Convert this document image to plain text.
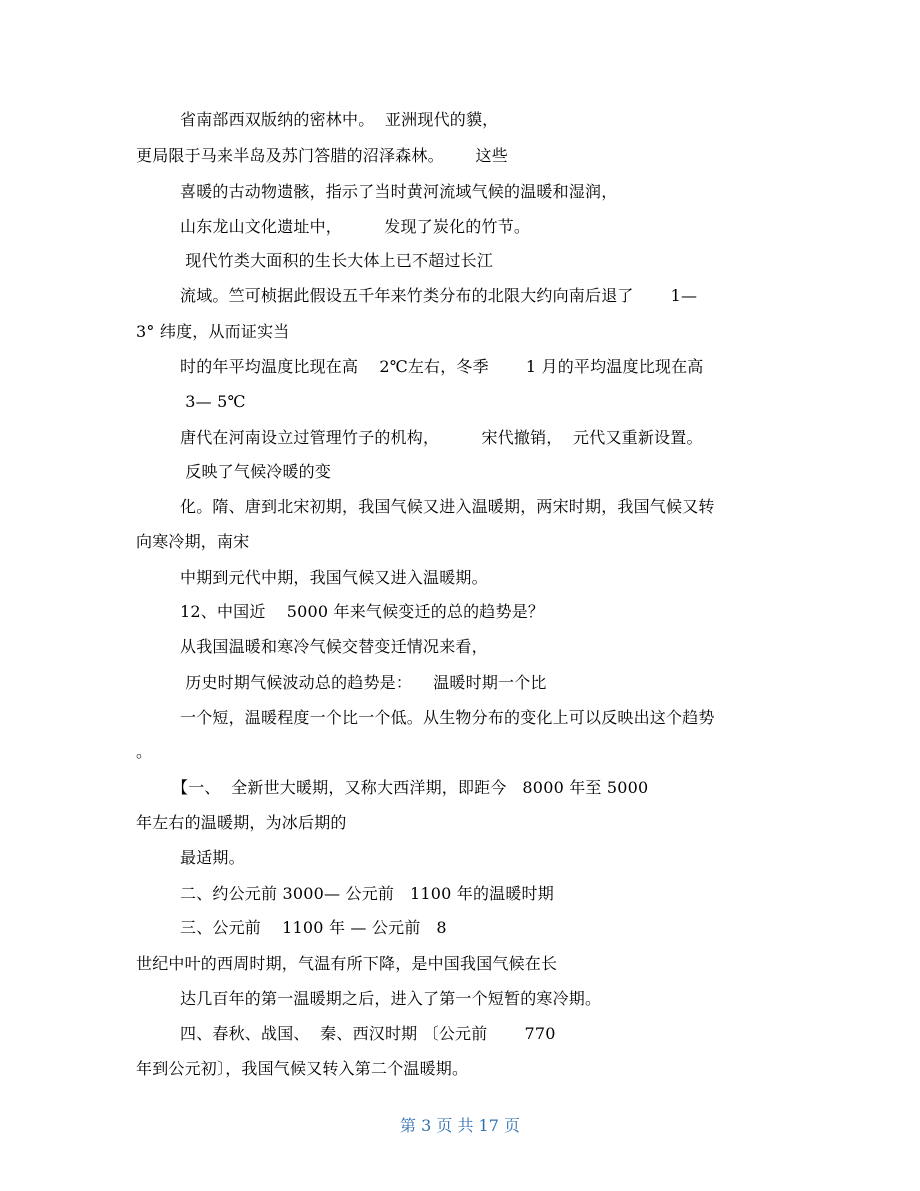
省南部西双版纳的密林中。  亚洲现代的貘，
更局限于马来半岛及苏门答腊的沼泽森林。      这些
喜暖的古动物遗骸，指示了当时黄河流域气候的温暖和湿润，
山东龙山文化遗址中，        发现了炭化的竹节。
现代竹类大面积的生长大体上已不超过长江
流域。竺可桢据此假设五千年来竹类分布的北限大约向南后退了       1—
3° 纬度，从而证实当
时的年平均温度比现在高    2℃左右，冬季       1 月的平均温度比现在高
3— 5℃
唐代在河南设立过管理竹子的机构，        宋代撤销，  元代又重新设置。
反映了气候冷暖的变
化。隋、唐到北宋初期，我国气候又进入温暖期，两宋时期，我国气候又转
向寒冷期，南宋
中期到元代中期，我国气候又进入温暖期。
12、中国近    5000 年来气候变迁的总的趋势是？
从我国温暖和寒冷气候交替变迁情况来看，
历史时期气候波动总的趋势是：    温暖时期一个比
一个短，温暖程度一个比一个低。从生物分布的变化上可以反映出这个趋势
。
【一、  全新世大暖期，又称大西洋期，即距今   8000 年至 5000
年左右的温暖期，为冰后期的
最适期。
二、约公元前 3000— 公元前   1100 年的温暖时期
三、公元前    1100 年 — 公元前   8
世纪中叶的西周时期，气温有所下降，是中国我国气候在长
达几百年的第一温暖期之后，进入了第一个短暂的寒冷期。
四、春秋、战国、  秦、西汉时期 〔公元前       770
年到公元初〕，我国气候又转入第二个温暖期。
第 3 页 共 17 页
